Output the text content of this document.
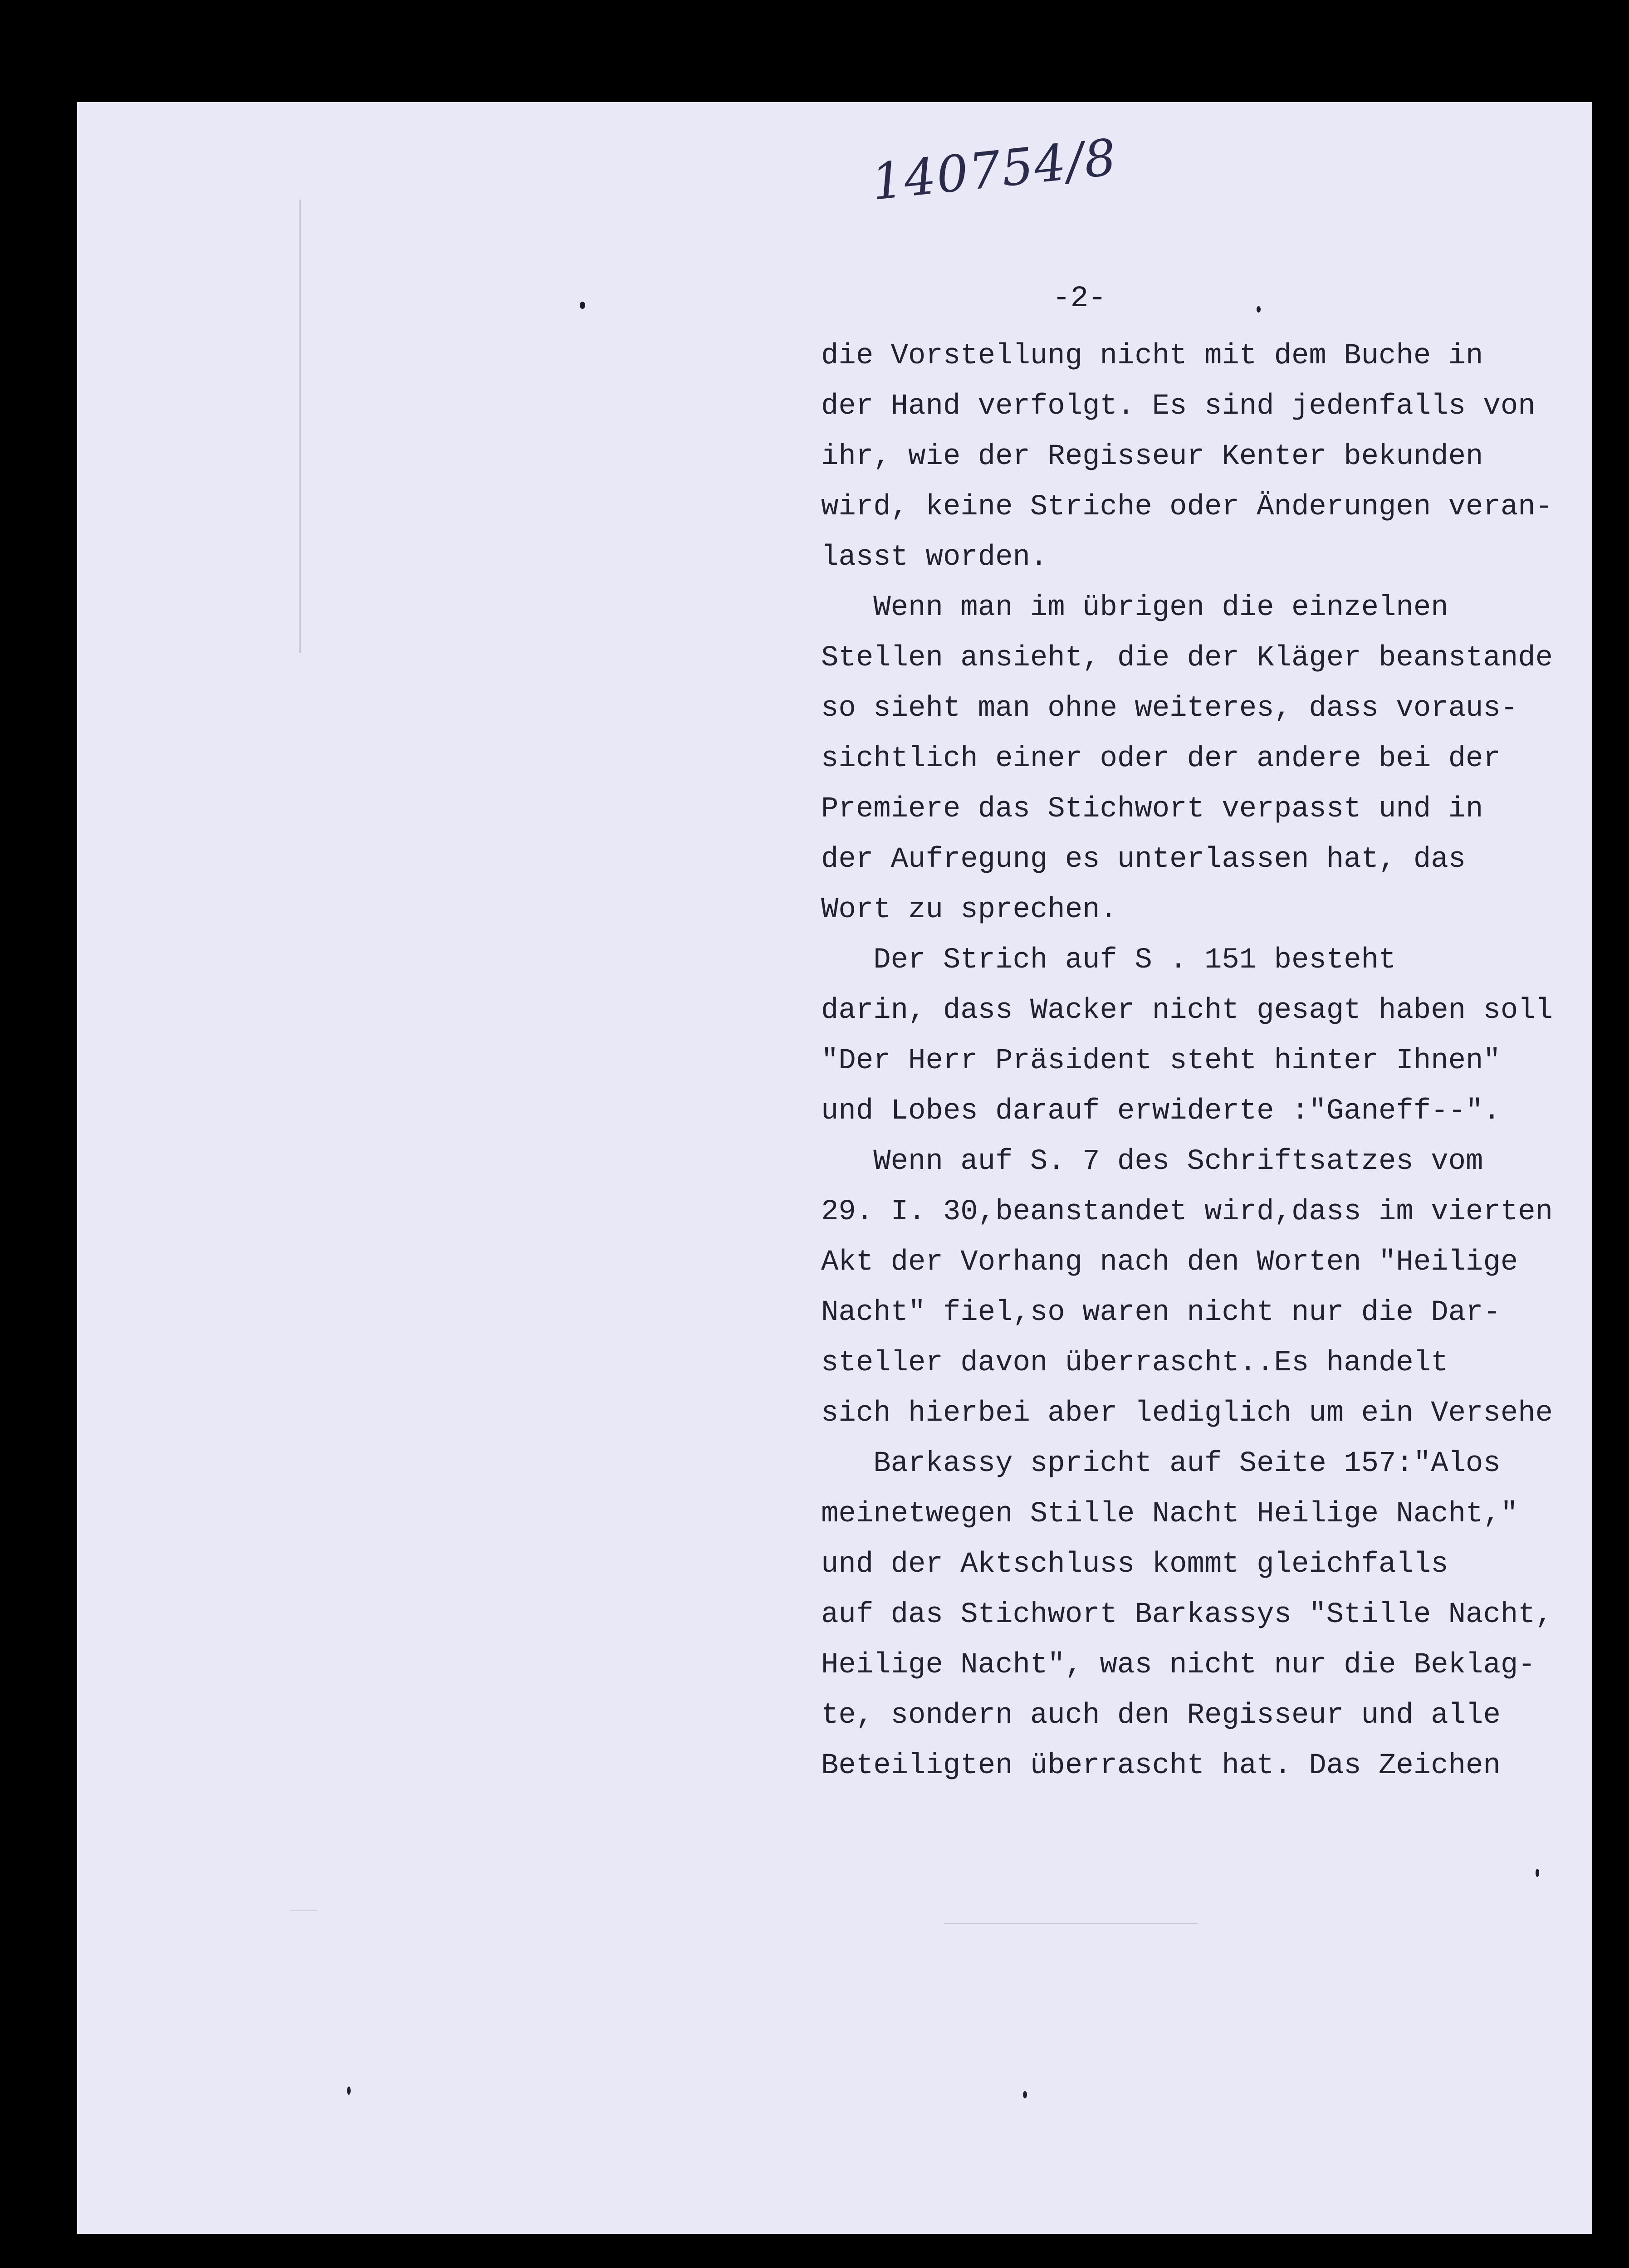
140754/8
-2-
die Vorstellung nicht mit dem Buche in
der Hand verfolgt. Es sind jedenfalls von
ihr, wie der Regisseur Kenter bekunden
wird, keine Striche oder Änderungen veran-
lasst worden.
Wenn man im übrigen die einzelnen
Stellen ansieht, die der Kläger beanstande
so sieht man ohne weiteres, dass voraus-
sichtlich einer oder der andere bei der
Premiere das Stichwort verpasst und in
der Aufregung es unterlassen hat, das
Wort zu sprechen.
Der Strich auf S . 151 besteht
darin, dass Wacker nicht gesagt haben soll
"Der Herr Präsident steht hinter Ihnen"
und Lobes darauf erwiderte :"Ganeff--".
Wenn auf S. 7 des Schriftsatzes vom
29. I. 30,beanstandet wird,dass im vierten
Akt der Vorhang nach den Worten "Heilige
Nacht" fiel,so waren nicht nur die Dar-
steller davon überrascht..Es handelt
sich hierbei aber lediglich um ein Versehe
Barkassy spricht auf Seite 157:"Alos
meinetwegen Stille Nacht Heilige Nacht,"
und der Aktschluss kommt gleichfalls
auf das Stichwort Barkassys "Stille Nacht,
Heilige Nacht", was nicht nur die Beklag-
te, sondern auch den Regisseur und alle
Beteiligten überrascht hat. Das Zeichen
